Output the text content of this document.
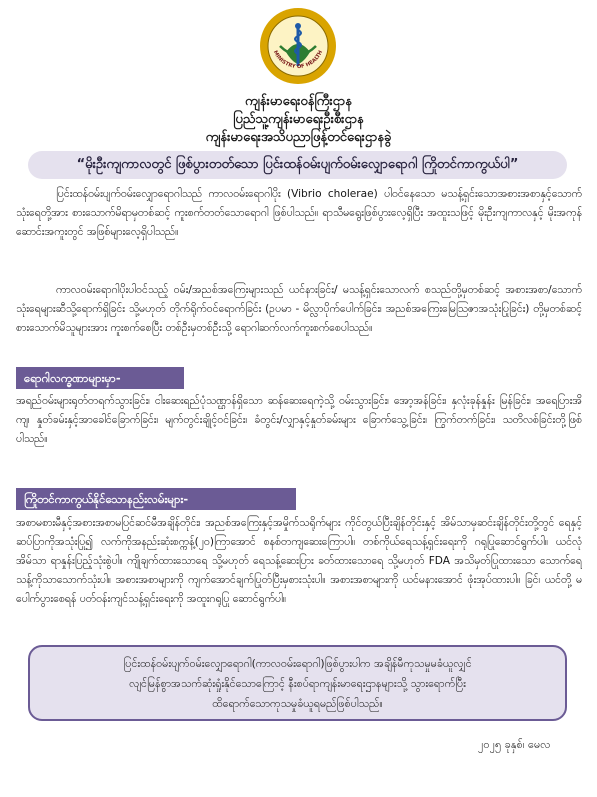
MINISTRY OF HEALTH
ကျန်းမာရေးဝန်ကြီးဌာန
ပြည်သူ့ကျန်းမာရေးဦးစီးဌာန
ကျန်းမာရေးအသိပညာဖြန့်တင်ရေးဌာနခွဲ
“မိုးဦးကျကာလတွင် ဖြစ်ပွားတတ်သော ပြင်းထန်ဝမ်းပျက်ဝမ်းလျှောရောဂါ ကြိုတင်ကာကွယ်ပါ”
ပြင်းထန်ဝမ်းပျက်ဝမ်းလျှောရောဂါသည် ကာလဝမ်းရောဂါပိုး (Vibrio cholerae) ပါဝင်နေသော မသန့်ရှင်းသောအစားအစာနှင့်သောက်သုံးရေတို့အား စားသောက်မိရာမှတစ်ဆင့် ကူးစက်တတ်သောရောဂါ ဖြစ်ပါသည်။ ရာသီမရွေးဖြစ်ပွားလေ့ရှိပြီး အထူးသဖြင့် မိုးဦးကျကာလနှင့် မိုးအကုန်ဆောင်းအကူးတွင် အဖြစ်များလေ့ရှိပါသည်။
ကာလဝမ်းရောဂါပိုးပါဝင်သည့် ဝမ်း/အညစ်အကြေးများသည် ယင်နားခြင်း/ မသန့်ရှင်းသောလက် စသည်တို့မှတစ်ဆင့် အစားအစာ/သောက်သုံးရေများဆီသို့ရောက်ရှိခြင်း သို့မဟုတ် တိုက်ရိုက်ဝင်ရောက်ခြင်း (ဥပမာ - မိလ္လာပိုက်ပေါက်ခြင်း၊ အညစ်အကြေးမြေသြဇာအသုံးပြုခြင်း) တို့မှတစ်ဆင့် စားသောက်မိသူများအား ကူးစက်စေပြီး တစ်ဦးမှတစ်ဦးသို့ ရောဂါဆက်လက်ကူးစက်စေပါသည်။
ရောဂါလက္ခဏာများမှာ-
အရည်ဝမ်းများရုတ်တရက်သွားခြင်း၊ ငါးဆေးရည်ပုံသဏ္ဌာန်ရှိသော ဆန်ဆေးရေကဲ့သို့ ဝမ်းသွားခြင်း၊ အော့အန်ခြင်း၊ နှလုံးခုန်နှုန်း မြန်ခြင်း၊ အရေပြားအိကျ၊ နှုတ်ခမ်းနှင့်အာခေါင်ခြောက်ခြင်း၊ မျက်တွင်းချိုင့်ဝင်ခြင်း၊ ခံတွင်း/လျှာနှင့်နှုတ်ခမ်းများ ခြောက်သွေ့ခြင်း၊ ကြွက်တက်ခြင်း၊ သတိလစ်ခြင်းတို့ဖြစ်ပါသည်။
ကြိုတင်ကာကွယ်နိုင်သောနည်းလမ်းများ-
အစာမစားမီနှင့်အစားအစာမပြင်ဆင်မီအချိန်တိုင်း၊ အညစ်အကြေးနှင့်အမှိုက်သရိုက်များ ကိုင်တွယ်ပြီးချိန်တိုင်းနှင့် အိမ်သာမှဆင်းချိန်တိုင်းတို့တွင် ရေနှင့်ဆပ်ပြာကိုအသုံးပြု၍ လက်ကိုအနည်းဆုံးစက္ကန့်(၂၀)ကြာအောင် စနစ်တကျဆေးကြောပါ။ တစ်ကိုယ်ရေသန့်ရှင်းရေးကို ဂရုပြုဆောင်ရွက်ပါ။ ယင်လုံအိမ်သာ ရာနှုန်းပြည့်သုံးစွဲပါ။ ကျိုချက်ထားသောရေ သို့မဟုတ် ရေသန့်ဆေးပြား ခတ်ထားသောရေ သို့မဟုတ် FDA အသိမှတ်ပြုထားသော သောက်ရေသန့်ကိုသာသောက်သုံးပါ။ အစားအစာများကို ကျက်အောင်ချက်ပြုတ်ပြီးမှစားသုံးပါ။ အစားအစာများကို ယင်မနားအောင် ဖုံးအုပ်ထားပါ။ ခြင်၊ ယင်တို့ မပေါက်ပွားစေရန် ပတ်ဝန်းကျင်သန့်ရှင်းရေးကို အထူးဂရုပြု ဆောင်ရွက်ပါ။
ပြင်းထန်ဝမ်းပျက်ဝမ်းလျှောရောဂါ(ကာလဝမ်းရောဂါ)ဖြစ်ပွားပါက အချိန်မီကုသမှုမခံယူလျှင်
လျင်မြန်စွာအသက်ဆုံးရှုံးနိုင်သောကြောင့် နီးစပ်ရာကျန်းမာရေးဌာနများသို့ သွားရောက်ပြီး
ထိရောက်သောကုသမှုခံယူရမည်ဖြစ်ပါသည်။
၂၀၂၅ ခုနှစ်၊ မေလ
